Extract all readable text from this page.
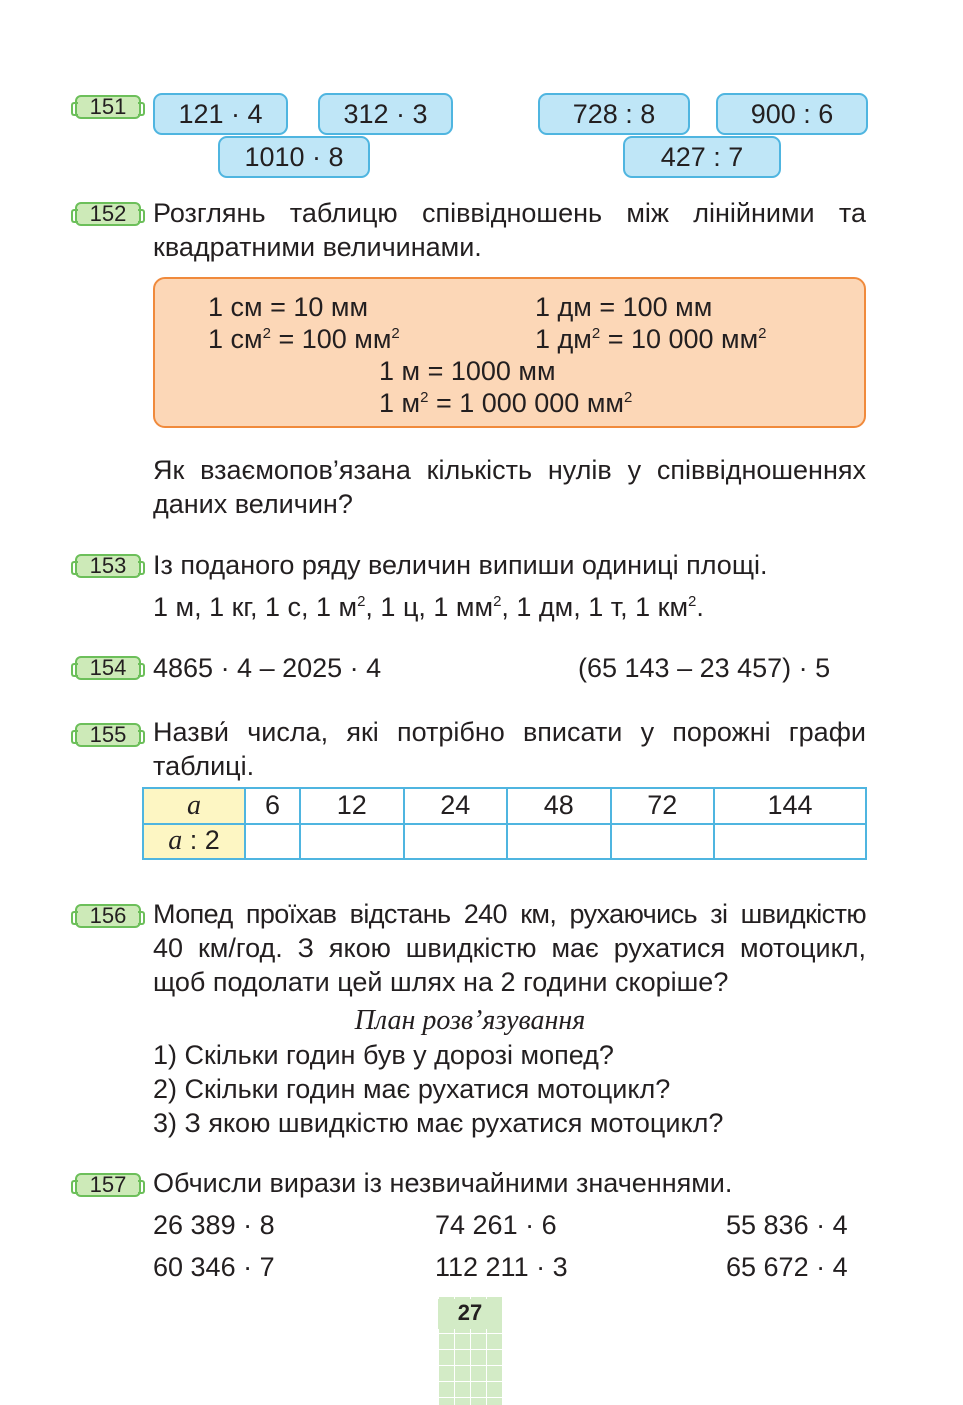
151	121 · 4	312 · 3
1010 · 8
728 : 8	900 : 6
427 : 7
152 Розглянь таблицю співвідношень між лінійними та
квадратними величинами.
1 см = 10 мм
1 $см^2 = 100$ $мм^2$
1 дм = 100 мм
1 $дм^2 = 10$ 000 $мм^2$
1 м = 1000 мм
1 $м^2 = 1$ 000 000 $мм^2$
Як взаємопов’язана кількість нулів у співвідношеннях
даних величин?
153 Із поданого ряду величин випиши одиниці площі.
1 м, 1 кг, 1 с, 1 $м^2$, 1 ц, 1 $мм^2$, 1 дм, 1 т, 1 $км^2$.
154 4865 · 4 – 2025 · 4	(65 143 – 23 457) · 5
155 Назви́ числа, які потрібно вписати у порожні графи
таблиці.
a	6	12	24	48	72	144
a : 2						
156 Мопед проїхав відстань 240 км, рухаючись зі швидкістю
40 км/год. З якою швидкістю має рухатися мотоцикл,
щоб подолати цей шлях на 2 години скоріше?
План розв’язування
1) Скільки годин був у дорозі мопед?
2) Скільки годин має рухатися мотоцикл?
3) З якою швидкістю має рухатися мотоцикл?
157 Обчисли вирази із незвичайними значеннями.
26 389 · 8	74 261 · 6	55 836 · 4
60 346 · 7	112 211 · 3	65 672 · 4
27
